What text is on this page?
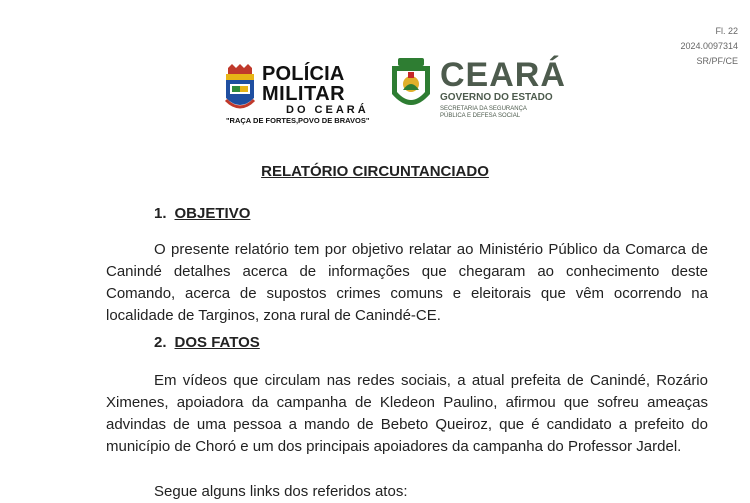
Fl. 22
2024.0097314
SR/PF/CE
POLÍCIA
MILITAR
DO CEARÁ
"RAÇA DE FORTES,POVO DE BRAVOS"
CEARÁ
GOVERNO DO ESTADO
SECRETARIA DA SEGURANÇA
PÚBLICA E DEFESA SOCIAL
RELATÓRIO CIRCUNTANCIADO
1. OBJETIVO
O presente relatório tem por objetivo relatar ao Ministério Público da Comarca de Canindé detalhes acerca de informações que chegaram ao conhecimento deste Comando, acerca de supostos crimes comuns e eleitorais que vêm ocorrendo na localidade de Targinos, zona rural de Canindé-CE.
2. DOS FATOS
Em vídeos que circulam nas redes sociais, a atual prefeita de Canindé, Rozário Ximenes, apoiadora da campanha de Kledeon Paulino, afirmou que sofreu ameaças advindas de uma pessoa a mando de Bebeto Queiroz, que é candidato a prefeito do município de Choró e um dos principais apoiadores da campanha do Professor Jardel.
Segue alguns links dos referidos atos:
